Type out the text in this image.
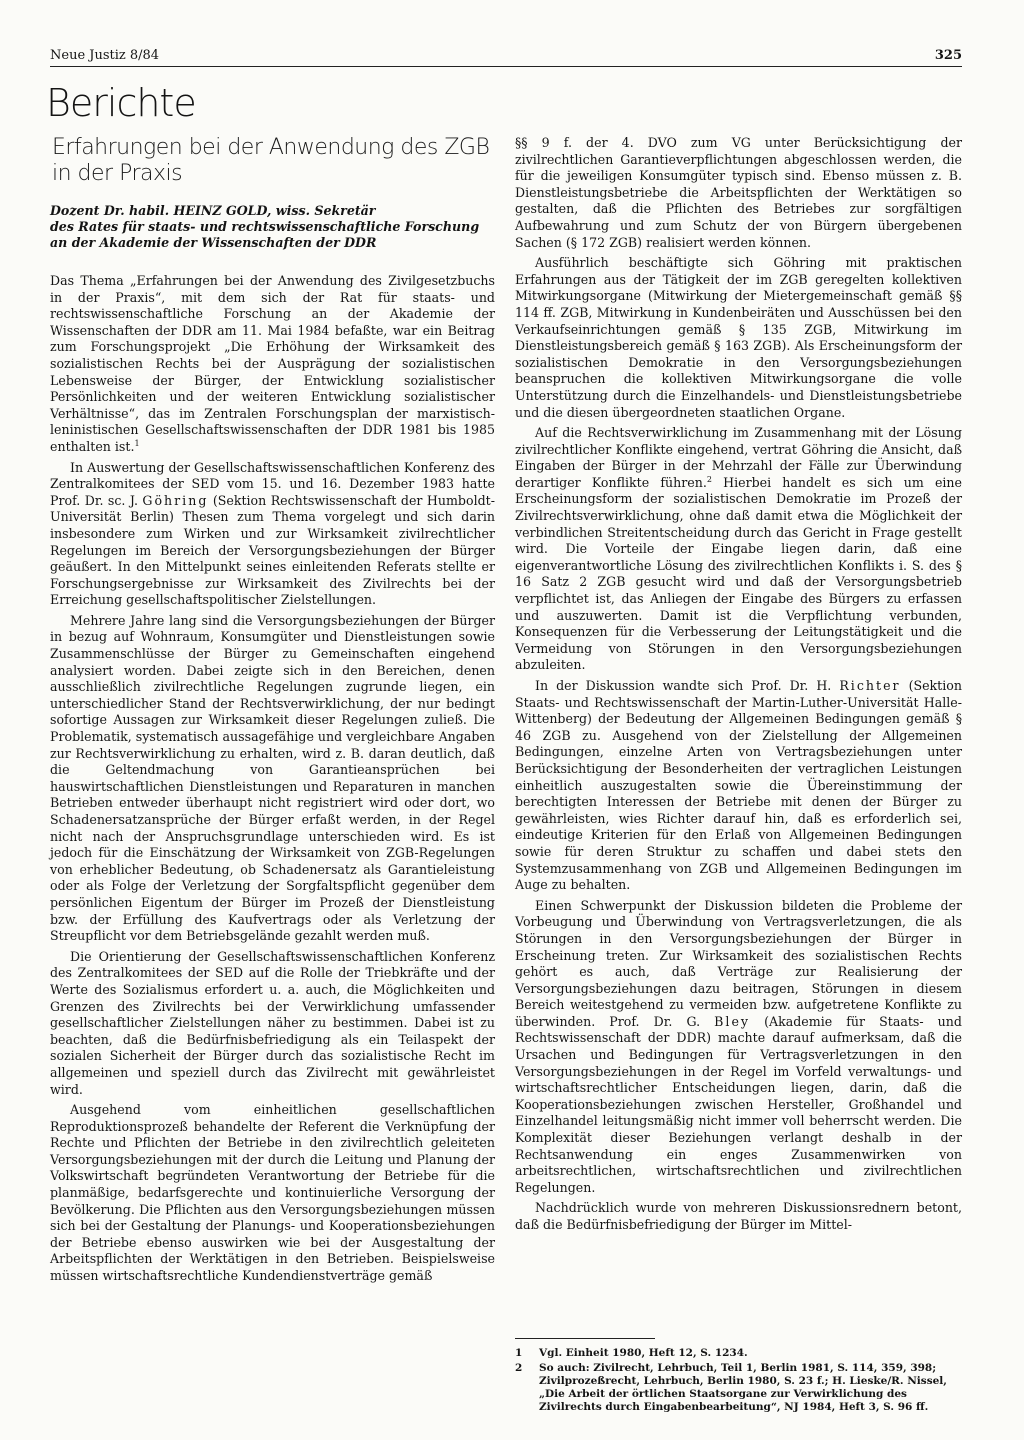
Neue Justiz 8/84	325
Berichte
Erfahrungen bei der Anwendung des ZGB in der Praxis
Dozent Dr. habil. HEINZ GOLD, wiss. Sekretär
des Rates für staats- und rechtswissenschaftliche Forschung
an der Akademie der Wissenschaften der DDR

Das Thema „Erfahrungen bei der Anwendung des Zivilgesetzbuchs in der Praxis“, mit dem sich der Rat für staats- und rechtswissenschaftliche Forschung an der Akademie der Wissenschaften der DDR am 11. Mai 1984 befaßte, war ein Beitrag zum Forschungsprojekt „Die Erhöhung der Wirksamkeit des sozialistischen Rechts bei der Ausprägung der sozialistischen Lebensweise der Bürger, der Entwicklung sozialistischer Persönlichkeiten und der weiteren Entwicklung sozialistischer Verhältnisse“, das im Zentralen Forschungsplan der marxistisch-leninistischen Gesellschaftswissenschaften der DDR 1981 bis 1985 enthalten ist.$^1$

In Auswertung der Gesellschaftswissenschaftlichen Konferenz des Zentralkomitees der SED vom 15. und 16. Dezember 1983 hatte Prof. Dr. sc. J. Göhring (Sektion Rechtswissenschaft der Humboldt-Universität Berlin) Thesen zum Thema vorgelegt und sich darin insbesondere zum Wirken und zur Wirksamkeit zivilrechtlicher Regelungen im Bereich der Versorgungsbeziehungen der Bürger geäußert. In den Mittelpunkt seines einleitenden Referats stellte er Forschungsergebnisse zur Wirksamkeit des Zivilrechts bei der Erreichung gesellschaftspolitischer Zielstellungen.

Mehrere Jahre lang sind die Versorgungsbeziehungen der Bürger in bezug auf Wohnraum, Konsumgüter und Dienstleistungen sowie Zusammenschlüsse der Bürger zu Gemeinschaften eingehend analysiert worden. Dabei zeigte sich in den Bereichen, denen ausschließlich zivilrechtliche Regelungen zugrunde liegen, ein unterschiedlicher Stand der Rechtsverwirklichung, der nur bedingt sofortige Aussagen zur Wirksamkeit dieser Regelungen zuließ. Die Problematik, systematisch aussagefähige und vergleichbare Angaben zur Rechtsverwirklichung zu erhalten, wird z. B. daran deutlich, daß die Geltendmachung von Garantieansprüchen bei hauswirtschaftlichen Dienstleistungen und Reparaturen in manchen Betrieben entweder überhaupt nicht registriert wird oder dort, wo Schadenersatzansprüche der Bürger erfaßt werden, in der Regel nicht nach der Anspruchsgrundlage unterschieden wird. Es ist jedoch für die Einschätzung der Wirksamkeit von ZGB-Regelungen von erheblicher Bedeutung, ob Schadenersatz als Garantieleistung oder als Folge der Verletzung der Sorgfaltspflicht gegenüber dem persönlichen Eigentum der Bürger im Prozeß der Dienstleistung bzw. der Erfüllung des Kaufvertrags oder als Verletzung der Streupflicht vor dem Betriebsgelände gezahlt werden muß.

Die Orientierung der Gesellschaftswissenschaftlichen Konferenz des Zentralkomitees der SED auf die Rolle der Triebkräfte und der Werte des Sozialismus erfordert u. a. auch, die Möglichkeiten und Grenzen des Zivilrechts bei der Verwirklichung umfassender gesellschaftlicher Zielstellungen näher zu bestimmen. Dabei ist zu beachten, daß die Bedürfnisbefriedigung als ein Teilaspekt der sozialen Sicherheit der Bürger durch das sozialistische Recht im allgemeinen und speziell durch das Zivilrecht mit gewährleistet wird.

Ausgehend vom einheitlichen gesellschaftlichen Reproduktionsprozeß behandelte der Referent die Verknüpfung der Rechte und Pflichten der Betriebe in den zivilrechtlich geleiteten Versorgungsbeziehungen mit der durch die Leitung und Planung der Volkswirtschaft begründeten Verantwortung der Betriebe für die planmäßige, bedarfsgerechte und kontinuierliche Versorgung der Bevölkerung. Die Pflichten aus den Versorgungsbeziehungen müssen sich bei der Gestaltung der Planungs- und Kooperationsbeziehungen der Betriebe ebenso auswirken wie bei der Ausgestaltung der Arbeitspflichten der Werktätigen in den Betrieben. Beispielsweise müssen wirtschaftsrechtliche Kundendienstverträge gemäß

§§ 9 f. der 4. DVO zum VG unter Berücksichtigung der zivilrechtlichen Garantieverpflichtungen abgeschlossen werden, die für die jeweiligen Konsumgüter typisch sind. Ebenso müssen z. B. Dienstleistungsbetriebe die Arbeitspflichten der Werktätigen so gestalten, daß die Pflichten des Betriebes zur sorgfältigen Aufbewahrung und zum Schutz der von Bürgern übergebenen Sachen (§ 172 ZGB) realisiert werden können.

Ausführlich beschäftigte sich Göhring mit praktischen Erfahrungen aus der Tätigkeit der im ZGB geregelten kollektiven Mitwirkungsorgane (Mitwirkung der Mietergemeinschaft gemäß §§ 114 ff. ZGB, Mitwirkung in Kundenbeiräten und Ausschüssen bei den Verkaufseinrichtungen gemäß § 135 ZGB, Mitwirkung im Dienstleistungsbereich gemäß § 163 ZGB). Als Erscheinungsform der sozialistischen Demokratie in den Versorgungsbeziehungen beanspruchen die kollektiven Mitwirkungsorgane die volle Unterstützung durch die Einzelhandels- und Dienstleistungsbetriebe und die diesen übergeordneten staatlichen Organe.

Auf die Rechtsverwirklichung im Zusammenhang mit der Lösung zivilrechtlicher Konflikte eingehend, vertrat Göhring die Ansicht, daß Eingaben der Bürger in der Mehrzahl der Fälle zur Überwindung derartiger Konflikte führen.$^2$ Hierbei handelt es sich um eine Erscheinungsform der sozialistischen Demokratie im Prozeß der Zivilrechtsverwirklichung, ohne daß damit etwa die Möglichkeit der verbindlichen Streitentscheidung durch das Gericht in Frage gestellt wird. Die Vorteile der Eingabe liegen darin, daß eine eigenverantwortliche Lösung des zivilrechtlichen Konflikts i. S. des § 16 Satz 2 ZGB gesucht wird und daß der Versorgungsbetrieb verpflichtet ist, das Anliegen der Eingabe des Bürgers zu erfassen und auszuwerten. Damit ist die Verpflichtung verbunden, Konsequenzen für die Verbesserung der Leitungstätigkeit und die Vermeidung von Störungen in den Versorgungsbeziehungen abzuleiten.

In der Diskussion wandte sich Prof. Dr. H. Richter (Sektion Staats- und Rechtswissenschaft der Martin-Luther-Universität Halle-Wittenberg) der Bedeutung der Allgemeinen Bedingungen gemäß § 46 ZGB zu. Ausgehend von der Zielstellung der Allgemeinen Bedingungen, einzelne Arten von Vertragsbeziehungen unter Berücksichtigung der Besonderheiten der vertraglichen Leistungen einheitlich auszugestalten sowie die Übereinstimmung der berechtigten Interessen der Betriebe mit denen der Bürger zu gewährleisten, wies Richter darauf hin, daß es erforderlich sei, eindeutige Kriterien für den Erlaß von Allgemeinen Bedingungen sowie für deren Struktur zu schaffen und dabei stets den Systemzusammenhang von ZGB und Allgemeinen Bedingungen im Auge zu behalten.

Einen Schwerpunkt der Diskussion bildeten die Probleme der Vorbeugung und Überwindung von Vertragsverletzungen, die als Störungen in den Versorgungsbeziehungen der Bürger in Erscheinung treten. Zur Wirksamkeit des sozialistischen Rechts gehört es auch, daß Verträge zur Realisierung der Versorgungsbeziehungen dazu beitragen, Störungen in diesem Bereich weitestgehend zu vermeiden bzw. aufgetretene Konflikte zu überwinden. Prof. Dr. G. Bley (Akademie für Staats- und Rechtswissenschaft der DDR) machte darauf aufmerksam, daß die Ursachen und Bedingungen für Vertragsverletzungen in den Versorgungsbeziehungen in der Regel im Vorfeld verwaltungs- und wirtschaftsrechtlicher Entscheidungen liegen, darin, daß die Kooperationsbeziehungen zwischen Hersteller, Großhandel und Einzelhandel leitungsmäßig nicht immer voll beherrscht werden. Die Komplexität dieser Beziehungen verlangt deshalb in der Rechtsanwendung ein enges Zusammenwirken von arbeitsrechtlichen, wirtschaftsrechtlichen und zivilrechtlichen Regelungen.

Nachdrücklich wurde von mehreren Diskussionsrednern betont, daß die Bedürfnisbefriedigung der Bürger im Mittel-

1	Vgl. Einheit 1980, Heft 12, S. 1234.
2	So auch: Zivilrecht, Lehrbuch, Teil 1, Berlin 1981, S. 114, 359, 398; Zivilprozeßrecht, Lehrbuch, Berlin 1980, S. 23 f.; H. Lieske/R. Nissel, „Die Arbeit der örtlichen Staatsorgane zur Verwirklichung des Zivilrechts durch Eingabenbearbeitung“, NJ 1984, Heft 3, S. 96 ff.
